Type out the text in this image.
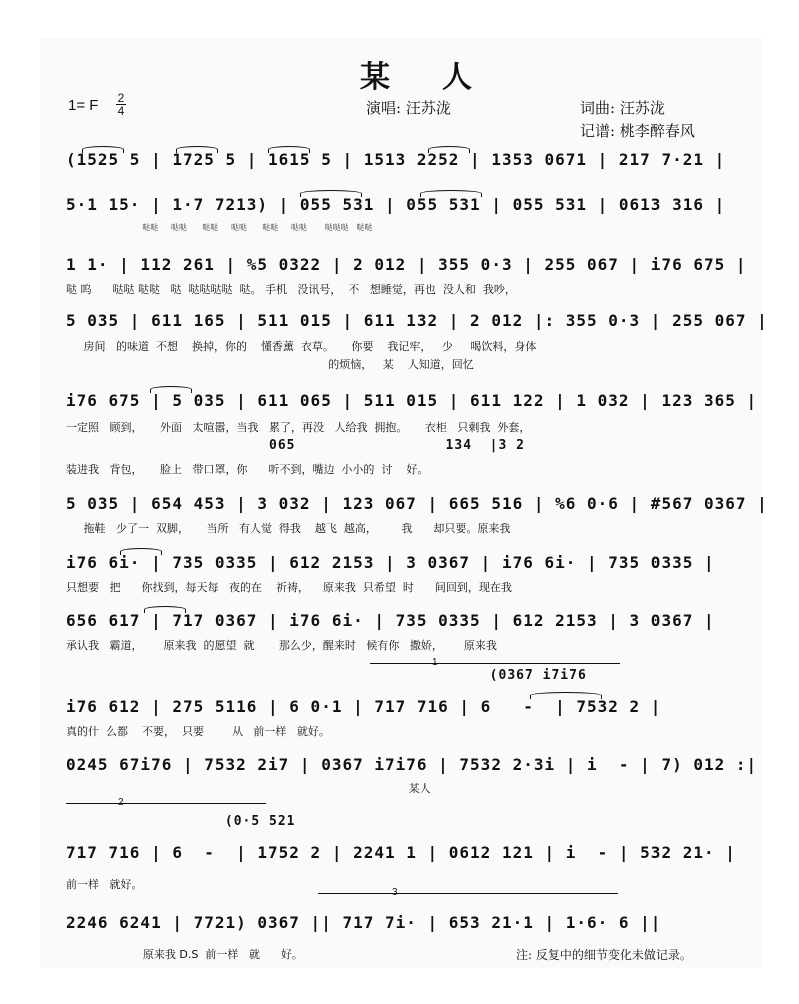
某人
1= F 2
4	演唱: 汪苏泷	词曲: 汪苏泷
记谱: 桃李醉春风
(1525 5 | 1725 5 | 1615 5 | 1513 2252 | 1353 0671 | 217 7·21 |
5·1 15· | 1·7 7213) | 055 531 | 055 531 | 055 531 | 0613 316 |
哒哒     哒哒      哒哒     哒哒      哒哒     哒哒       哒哒哒   哒哒
1 1· | 112 261 | %5 0322 | 2 012 | 355 0·3 | 255 067 | i76 675 |
哒 呜      哒哒 哒哒   哒  哒哒哒哒  哒。 手机   没讯号，  不   想睡觉，再也  没人和  我吵，
5 035 | 611 165 | 511 015 | 611 132 | 2 012 |: 355 0·3 | 255 067 |
房间   的味道  不想    换掉，你的    懂香薰  衣草。     你要    我记牢，   少     喝饮料，身体
的烦恼，   某    人知道，回忆
i76 675 | 5 035 | 611 065 | 511 015 | 611 122 | 1 032 | 123 365 |
一定照   顾到，     外面   太喧嚣，当我   累了，再没   人给我  拥抱。     衣柜   只剩我  外套，
065                 134  |3 2
装进我   背包，     脸上   带口罩，你      听不到，嘴边  小小的  讨    好。
5 035 | 654 453 | 3 032 | 123 067 | 665 516 | %6 0·6 | #567 0367 |
拖鞋   少了一  双脚，     当所   有人觉  得我    越飞  越高，       我      却只要。原来我
i76 6i· | 735 0335 | 612 2153 | 3 0367 | i76 6i· | 735 0335 |
只想要   把      你找到，每天每   夜的在    祈祷，    原来我  只希望  时      间回到，现在我
656 617 | 717 0367 | i76 6i· | 735 0335 | 612 2153 | 3 0367 |
承认我   霸道，      原来我  的愿望  就       那么少，醒来时   候有你   撒娇，      原来我
1
(0367 i7i76
i76 612 | 275 5116 | 6 0·1 | 717 716 | 6   -  | 7532 2 |
真的什  么都    不要，  只要        从   前一样   就好。
0245 67i76 | 7532 2i7 | 0367 i7i76 | 7532 2·3i | i  - | 7) 012 :|
某人
2
(0·5 521
717 716 | 6  -  | 1752 2 | 2241 1 | 0612 121 | i  - | 532 21· |
前一样   就好。
3
2246 6241 | 7721) 0367 || 717 7i· | 653 21·1 | 1·6· 6 ||
原来我 D.S  前一样   就      好。	注: 反复中的细节变化未做记录。
